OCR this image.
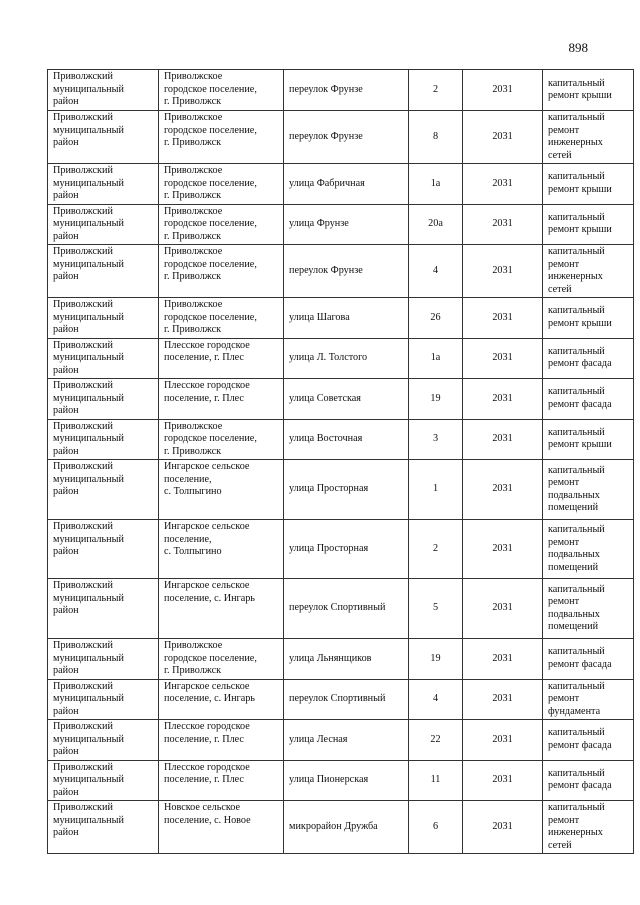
898
Приволжский
муниципальный
район	Приволжское
городское поселение,
г. Приволжск	переулок Фрунзе	2	2031	капитальный
ремонт крыши

Приволжский
муниципальный
район	Приволжское
городское поселение,
г. Приволжск	переулок Фрунзе	8	2031	капитальный
ремонт
инженерных
сетей

Приволжский
муниципальный
район	Приволжское
городское поселение,
г. Приволжск	улица Фабричная	1а	2031	капитальный
ремонт крыши

Приволжский
муниципальный
район	Приволжское
городское поселение,
г. Приволжск	улица Фрунзе	20а	2031	капитальный
ремонт крыши

Приволжский
муниципальный
район	Приволжское
городское поселение,
г. Приволжск	переулок Фрунзе	4	2031	капитальный
ремонт
инженерных
сетей

Приволжский
муниципальный
район	Приволжское
городское поселение,
г. Приволжск	улица Шагова	26	2031	капитальный
ремонт крыши

Приволжский
муниципальный
район	Плесское городское
поселение, г. Плес	улица Л. Толстого	1а	2031	капитальный
ремонт фасада

Приволжский
муниципальный
район	Плесское городское
поселение, г. Плес	улица Советская	19	2031	капитальный
ремонт фасада

Приволжский
муниципальный
район	Приволжское
городское поселение,
г. Приволжск	улица Восточная	3	2031	капитальный
ремонт крыши

Приволжский
муниципальный
район	Ингарское сельское
поселение,
с. Толпыгино	улица Просторная	1	2031	капитальный
ремонт
подвальных
помещений

Приволжский
муниципальный
район	Ингарское сельское
поселение,
с. Толпыгино	улица Просторная	2	2031	капитальный
ремонт
подвальных
помещений

Приволжский
муниципальный
район	Ингарское сельское
поселение, с. Ингарь	переулок Спортивный	5	2031	капитальный
ремонт
подвальных
помещений

Приволжский
муниципальный
район	Приволжское
городское поселение,
г. Приволжск	улица Льнянщиков	19	2031	капитальный
ремонт фасада

Приволжский
муниципальный
район	Ингарское сельское
поселение, с. Ингарь	переулок Спортивный	4	2031	капитальный
ремонт
фундамента

Приволжский
муниципальный
район	Плесское городское
поселение, г. Плес	улица Лесная	22	2031	капитальный
ремонт фасада

Приволжский
муниципальный
район	Плесское городское
поселение, г. Плес	улица Пионерская	11	2031	капитальный
ремонт фасада

Приволжский
муниципальный
район	Новское сельское
поселение, с. Новое	микрорайон Дружба	6	2031	капитальный
ремонт
инженерных
сетей
